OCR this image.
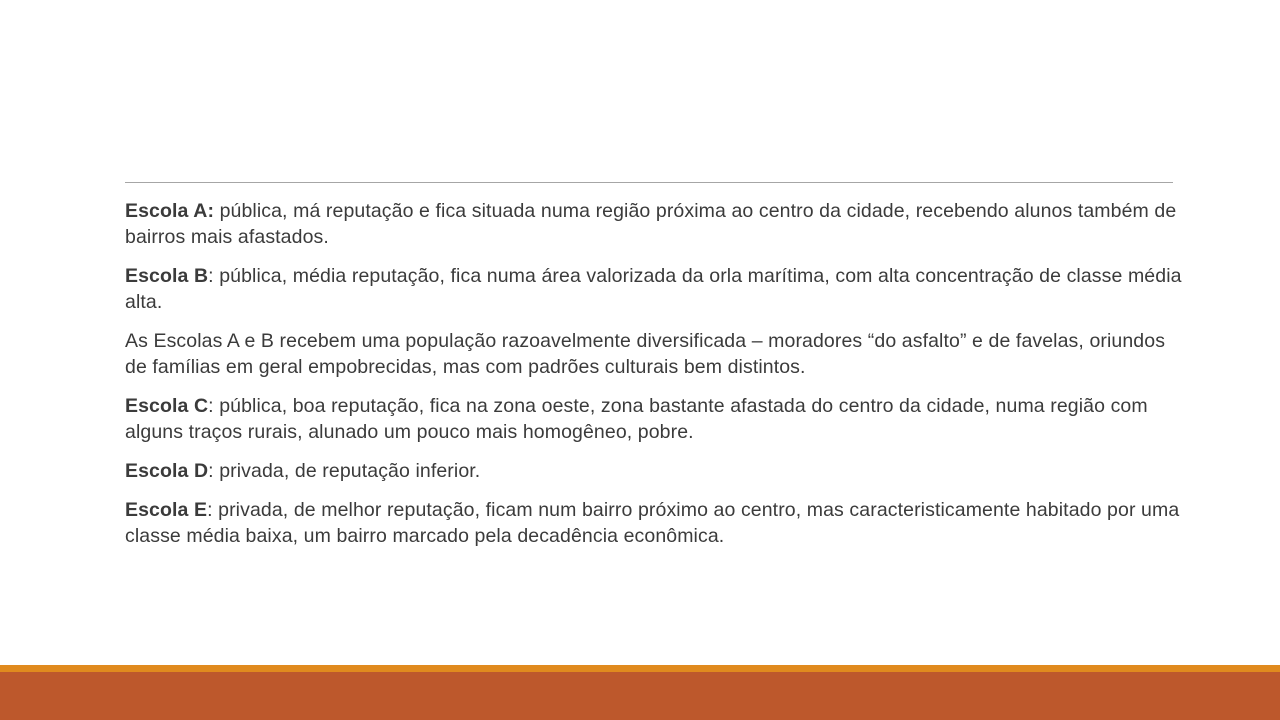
Escola A: pública, má reputação e fica situada numa região próxima ao centro da cidade, recebendo alunos também de bairros mais afastados.

Escola B: pública, média reputação, fica numa área valorizada da orla marítima, com alta concentração de classe média alta.

As Escolas A e B recebem uma população razoavelmente diversificada – moradores “do asfalto” e de favelas, oriundos de famílias em geral empobrecidas, mas com padrões culturais bem distintos.

Escola C: pública, boa reputação, fica na zona oeste, zona bastante afastada do centro da cidade, numa região com alguns traços rurais, alunado um pouco mais homogêneo, pobre.

Escola D: privada, de reputação inferior.

Escola E: privada, de melhor reputação, ficam num bairro próximo ao centro, mas caracteristicamente habitado por uma classe média baixa, um bairro marcado pela decadência econômica.
